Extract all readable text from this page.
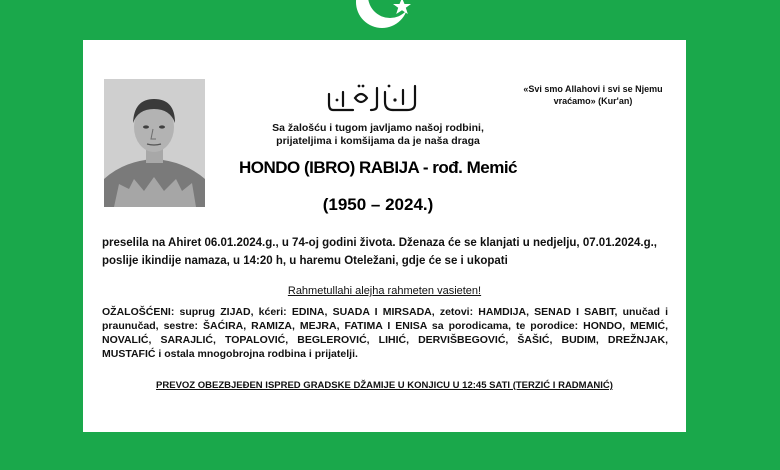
«Svi smo Allahovi i svi se Njemu vraćamo» (Kur'an)
Sa žalošću i tugom javljamo našoj rodbini, prijateljima i komšijama da je naša draga
HONDO (IBRO) RABIJA - rođ. Memić
(1950 – 2024.)
preselila na Ahiret 06.01.2024.g., u 74-oj godini života. Dženaza će se klanjati u nedjelju, 07.01.2024.g., poslije ikindije namaza, u 14:20 h, u haremu Oteležani, gdje će se i ukopati
Rahmetullahi alejha rahmeten vasieten!
OŽALOŠĆENI: suprug ZIJAD, kćeri: EDINA, SUADA I MIRSADA, zetovi: HAMDIJA, SENAD I SABIT, unučad i praunučad, sestre: ŠAĆIRA, RAMIZA, MEJRA, FATIMA I ENISA sa porodicama, te porodice: HONDO, MEMIĆ, NOVALIĆ, SARAJLIĆ, TOPALOVIĆ, BEGLEROVIĆ, LIHIĆ, DERVIŠBEGOVIĆ, ŠAŠIĆ, BUDIM, DREŽNJAK, MUSTAFIĆ i ostala mnogobrojna rodbina i prijatelji.
PREVOZ OBEZBJEĐEN ISPRED GRADSKE DŽAMIJE U KONJICU U 12:45 SATI (TERZIĆ I RADMANIĆ)
